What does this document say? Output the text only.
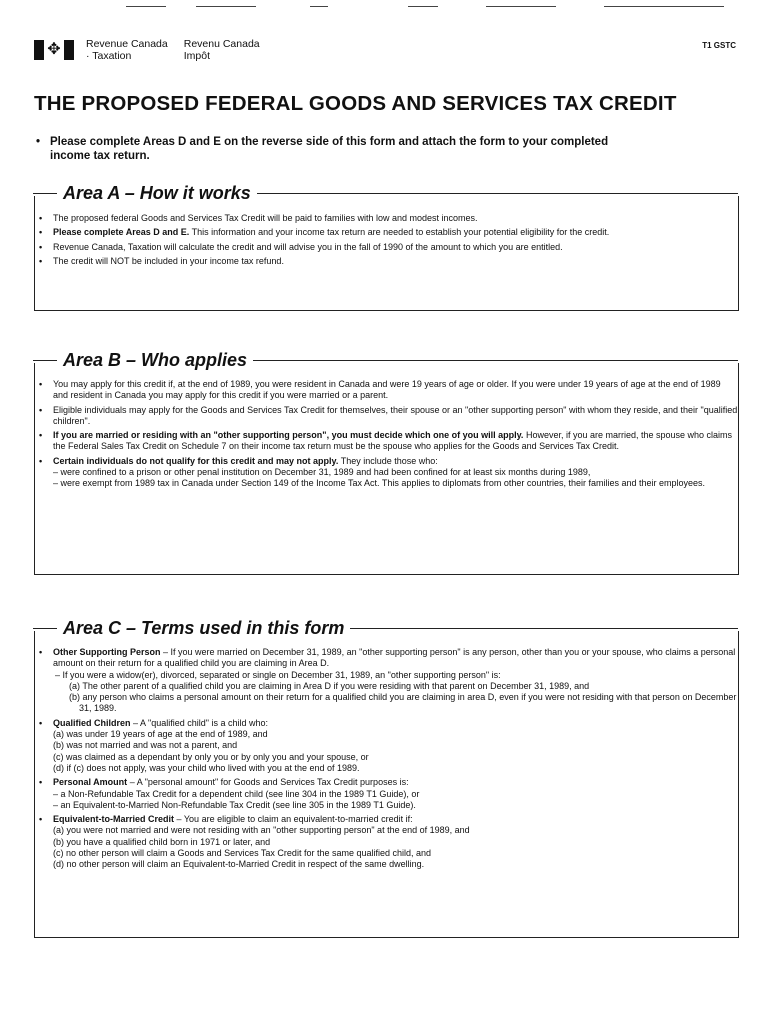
✥	Revenue Canada
· Taxation
Revenu Canada
Impôt
T1 GSTC
THE PROPOSED FEDERAL GOODS AND SERVICES TAX CREDIT
• Please complete Areas D and E on the reverse side of this form and attach the form to your completed
income tax return.
Area A – How it works
• The proposed federal Goods and Services Tax Credit will be paid to families with low and modest incomes.
• Please complete Areas D and E. This information and your income tax return are needed to establish your potential eligibility for the credit.
• Revenue Canada, Taxation will calculate the credit and will advise you in the fall of 1990 of the amount to which you are entitled.
• The credit will NOT be included in your income tax refund.
Area B – Who applies
• You may apply for this credit if, at the end of 1989, you were resident in Canada and were 19 years of age or older. If you were under 19 years of age at the end of 1989 and resident in Canada you may apply for this credit if you were married or a parent.
• Eligible individuals may apply for the Goods and Services Tax Credit for themselves, their spouse or an "other supporting person" with whom they reside, and their "qualified children".
• If you are married or residing with an "other supporting person", you must decide which one of you will apply. However, if you are married, the spouse who claims the Federal Sales Tax Credit on Schedule 7 on their income tax return must be the spouse who applies for the Goods and Services Tax Credit.
• Certain individuals do not qualify for this credit and may not apply. They include those who:
– were confined to a prison or other penal institution on December 31, 1989 and had been confined for at least six months during 1989,
– were exempt from 1989 tax in Canada under Section 149 of the Income Tax Act. This applies to diplomats from other countries, their families and their employees.
Area C – Terms used in this form
• Other Supporting Person – If you were married on December 31, 1989, an "other supporting person" is any person, other than you or your spouse, who claims a personal amount on their return for a qualified child you are claiming in Area D.
– If you were a widow(er), divorced, separated or single on December 31, 1989, an "other supporting person" is:
(a) The other parent of a qualified child you are claiming in Area D if you were residing with that parent on December 31, 1989, and
(b) any person who claims a personal amount on their return for a qualified child you are claiming in area D, even if you were not residing with that person on December 31, 1989.
• Qualified Children – A "qualified child" is a child who:
(a) was under 19 years of age at the end of 1989, and
(b) was not married and was not a parent, and
(c) was claimed as a dependant by only you or by only you and your spouse, or
(d) if (c) does not apply, was your child who lived with you at the end of 1989.
• Personal Amount – A "personal amount" for Goods and Services Tax Credit purposes is:
– a Non-Refundable Tax Credit for a dependent child (see line 304 in the 1989 T1 Guide), or
– an Equivalent-to-Married Non-Refundable Tax Credit (see line 305 in the 1989 T1 Guide).
• Equivalent-to-Married Credit – You are eligible to claim an equivalent-to-married credit if:
(a) you were not married and were not residing with an "other supporting person" at the end of 1989, and
(b) you have a qualified child born in 1971 or later, and
(c) no other person will claim a Goods and Services Tax Credit for the same qualified child, and
(d) no other person will claim an Equivalent-to-Married Credit in respect of the same dwelling.
